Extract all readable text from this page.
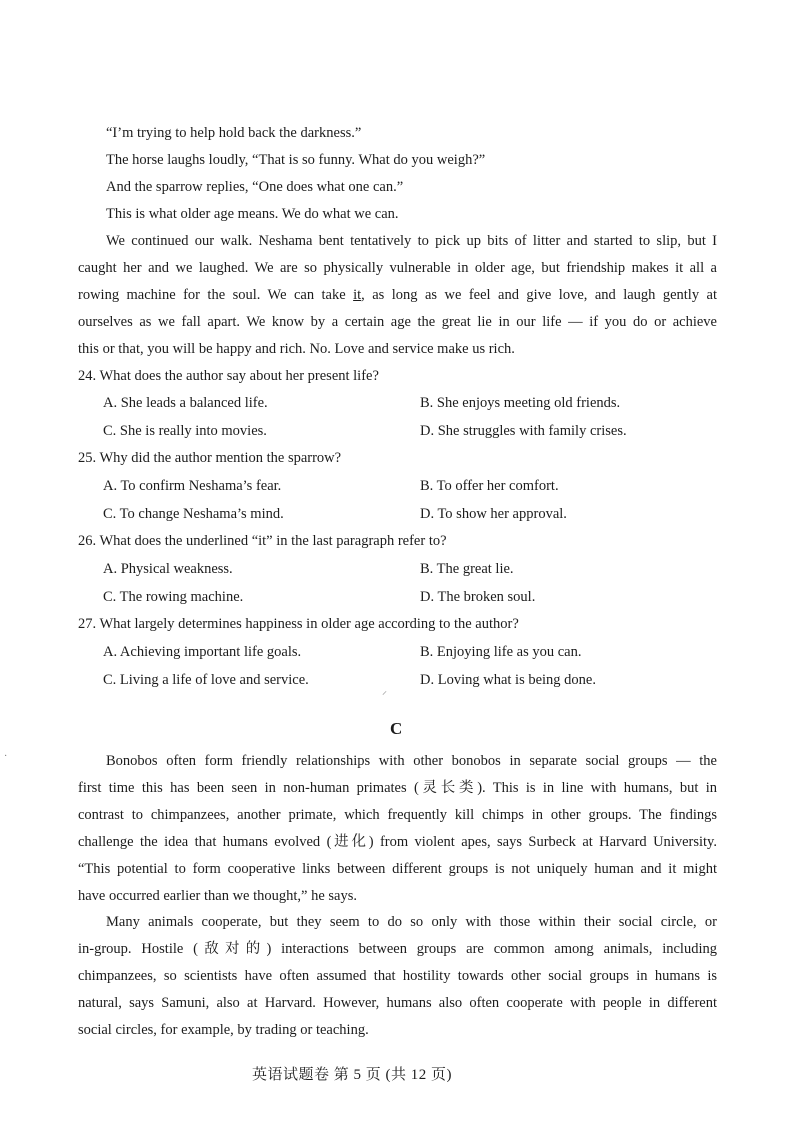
“I’m trying to help hold back the darkness.”
The horse laughs loudly, “That is so funny. What do you weigh?”
And the sparrow replies, “One does what one can.”
This is what older age means. We do what we can.
We continued our walk. Neshama bent tentatively to pick up bits of litter and started to slip, but I
caught her and we laughed. We are so physically vulnerable in older age, but friendship makes it all a
rowing machine for the soul. We can take it, as long as we feel and give love, and laugh gently at
ourselves as we fall apart. We know by a certain age the great lie in our life — if you do or achieve
this or that, you will be happy and rich. No. Love and service make us rich.
24. What does the author say about her present life?
A. She leads a balanced life.	B. She enjoys meeting old friends.
C. She is really into movies.	D. She struggles with family crises.
25. Why did the author mention the sparrow?
A. To confirm Neshama’s fear.	B. To offer her comfort.
C. To change Neshama’s mind.	D. To show her approval.
26. What does the underlined “it” in the last paragraph refer to?
A. Physical weakness.	B. The great lie.
C. The rowing machine.	D. The broken soul.
27. What largely determines happiness in older age according to the author?
A. Achieving important life goals.	B. Enjoying life as you can.
C. Living a life of love and service.	D. Loving what is being done.
⸝
·
C
Bonobos often form friendly relationships with other bonobos in separate social groups — the
first time this has been seen in non-human primates (灵长类). This is in line with humans, but in
contrast to chimpanzees, another primate, which frequently kill chimps in other groups. The findings
challenge the idea that humans evolved (进化) from violent apes, says Surbeck at Harvard University.
“This potential to form cooperative links between different groups is not uniquely human and it might
have occurred earlier than we thought,” he says.
Many animals cooperate, but they seem to do so only with those within their social circle, or
in-group. Hostile (敌对的) interactions between groups are common among animals, including
chimpanzees, so scientists have often assumed that hostility towards other social groups in humans is
natural, says Samuni, also at Harvard. However, humans also often cooperate with people in different
social circles, for example, by trading or teaching.
英语试题卷 第 5 页 (共 12 页)
